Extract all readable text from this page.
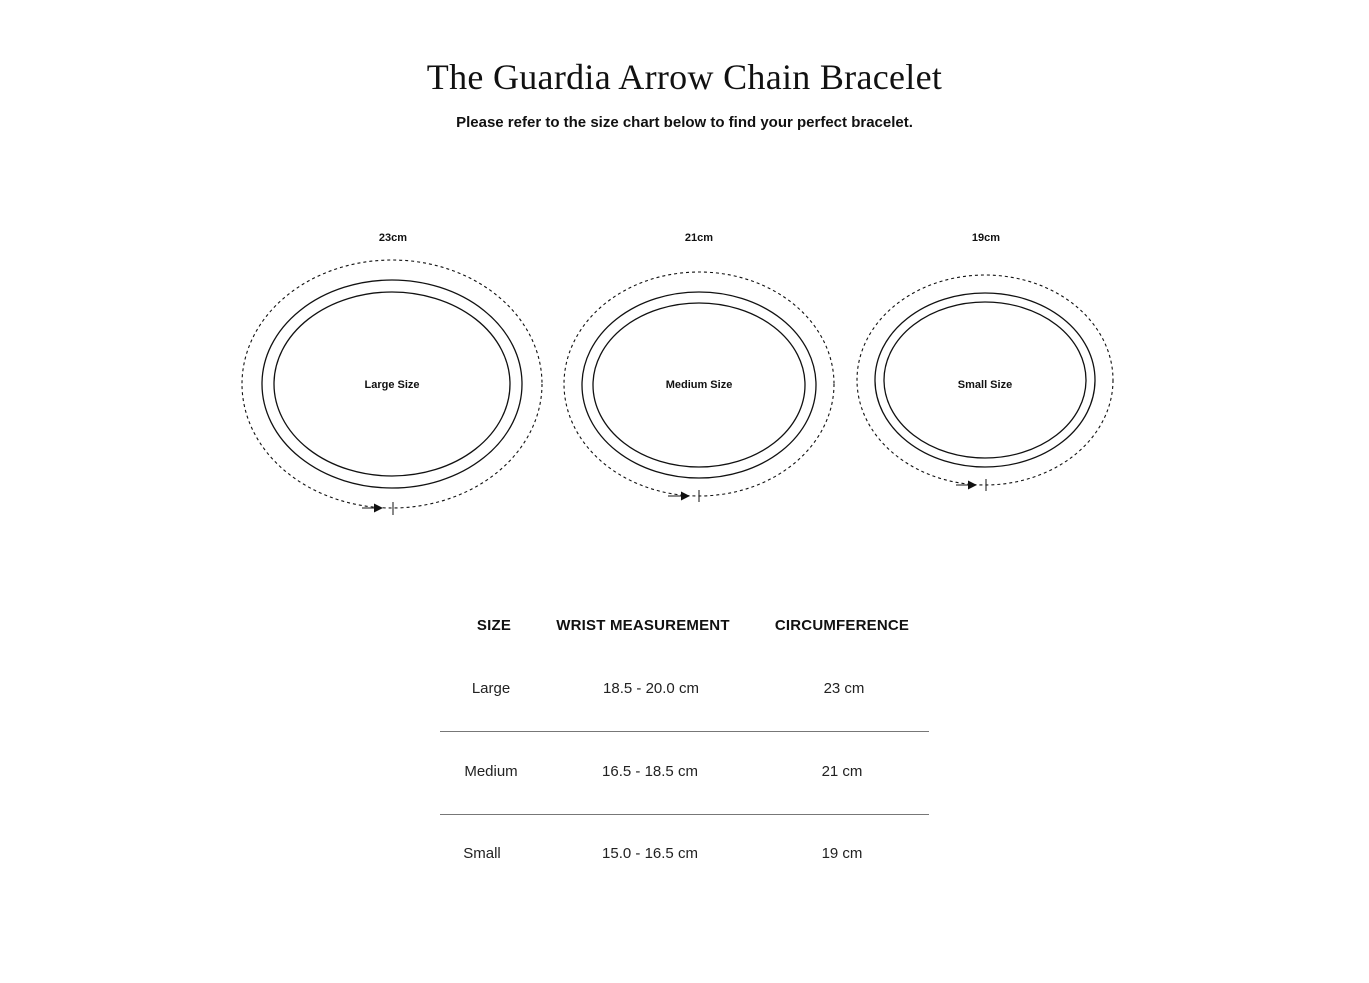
The Guardia Arrow Chain Bracelet

Please refer to the size chart below to find your perfect bracelet.

23cm
Large Size
21cm
Medium Size
19cm
Small Size
SIZE	WRIST MEASUREMENT	CIRCUMFERENCE
Large	18.5 - 20.0 cm	23 cm
Medium	16.5 - 18.5 cm	21 cm
Small	15.0 - 16.5 cm	19 cm
